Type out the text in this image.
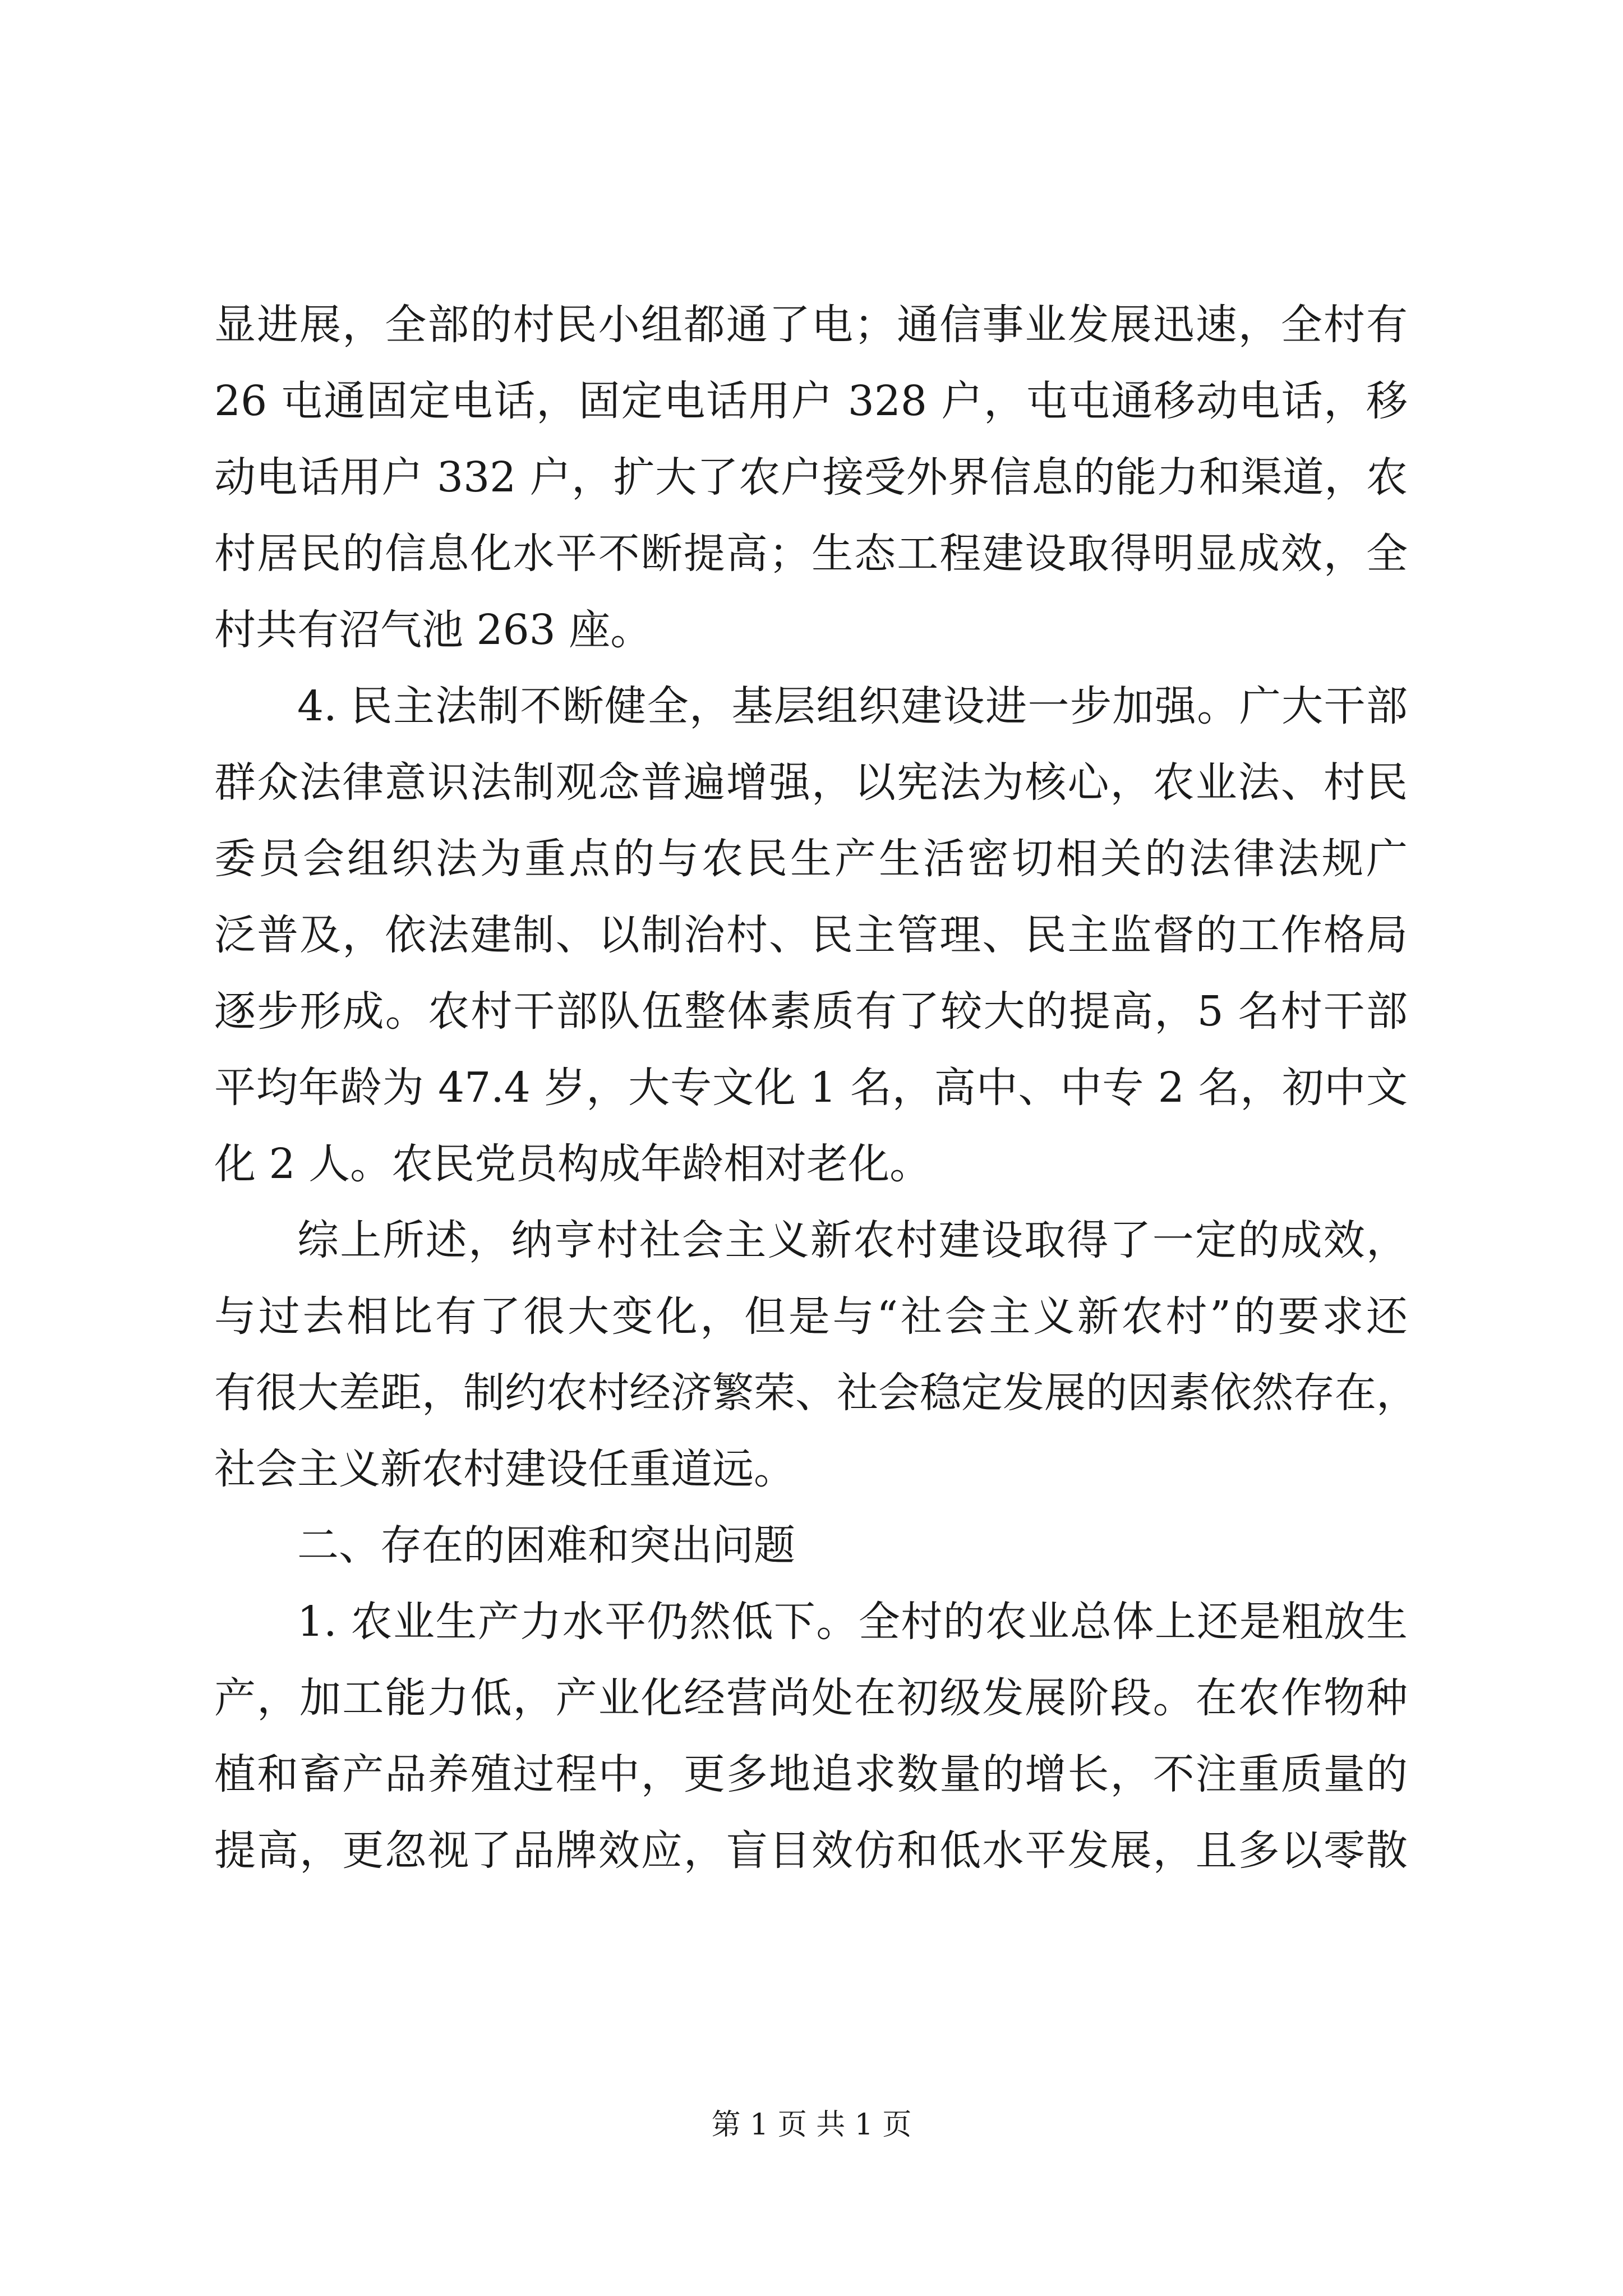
显进展，全部的村民小组都通了电；通信事业发展迅速，全村有
26 屯通固定电话，固定电话用户 328 户，屯屯通移动电话，移
动电话用户 332 户，扩大了农户接受外界信息的能力和渠道，农
村居民的信息化水平不断提高；生态工程建设取得明显成效，全
村共有沼气池 263 座。
4. 民主法制不断健全，基层组织建设进一步加强。广大干部
群众法律意识法制观念普遍增强，以宪法为核心，农业法、村民
委员会组织法为重点的与农民生产生活密切相关的法律法规广
泛普及，依法建制、以制治村、民主管理、民主监督的工作格局
逐步形成。农村干部队伍整体素质有了较大的提高，5 名村干部
平均年龄为 47.4 岁，大专文化 1 名，高中、中专 2 名，初中文
化 2 人。农民党员构成年龄相对老化。
综上所述，纳亨村社会主义新农村建设取得了一定的成效，
与过去相比有了很大变化，但是与“社会主义新农村”的要求还
有很大差距，制约农村经济繁荣、社会稳定发展的因素依然存在，
社会主义新农村建设任重道远。
二、存在的困难和突出问题
1. 农业生产力水平仍然低下。全村的农业总体上还是粗放生
产，加工能力低，产业化经营尚处在初级发展阶段。在农作物种
植和畜产品养殖过程中，更多地追求数量的增长，不注重质量的
提高，更忽视了品牌效应，盲目效仿和低水平发展，且多以零散
第 1 页 共 1 页
